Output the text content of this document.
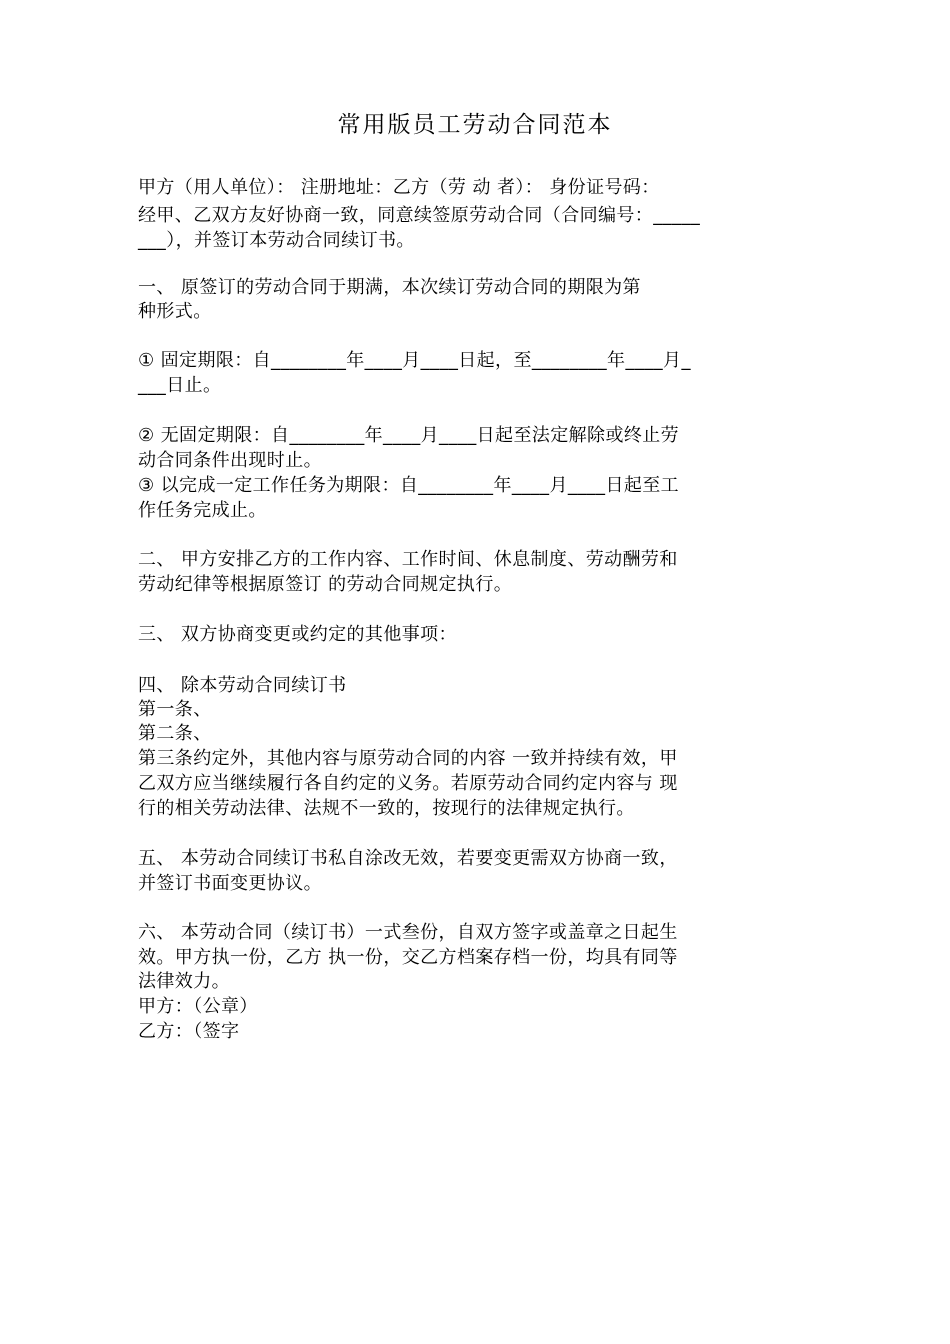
常用版员工劳动合同范本
甲方（用人单位）： 注册地址：乙方（劳 动 者）： 身份证号码：
经甲、乙双方友好协商一致，同意续签原劳动合同（合同编号：_____
___），并签订本劳动合同续订书。
一、 原签订的劳动合同于期满，本次续订劳动合同的期限为第
种形式。
① 固定期限：自________年____月____日起，至________年____月_
___日止。
② 无固定期限：自________年____月____日起至法定解除或终止劳
动合同条件出现时止。
③ 以完成一定工作任务为期限：自________年____月____日起至工
作任务完成止。
二、 甲方安排乙方的工作内容、工作时间、休息制度、劳动酬劳和
劳动纪律等根据原签订 的劳动合同规定执行。
三、 双方协商变更或约定的其他事项：
四、 除本劳动合同续订书
第一条、
第二条、
第三条约定外，其他内容与原劳动合同的内容 一致并持续有效，甲
乙双方应当继续履行各自约定的义务。若原劳动合同约定内容与 现
行的相关劳动法律、法规不一致的，按现行的法律规定执行。
五、 本劳动合同续订书私自涂改无效，若要变更需双方协商一致，
并签订书面变更协议。
六、 本劳动合同（续订书）一式叁份，自双方签字或盖章之日起生
效。甲方执一份，乙方 执一份，交乙方档案存档一份，均具有同等
法律效力。
甲方：（公章）
乙方：（签字
